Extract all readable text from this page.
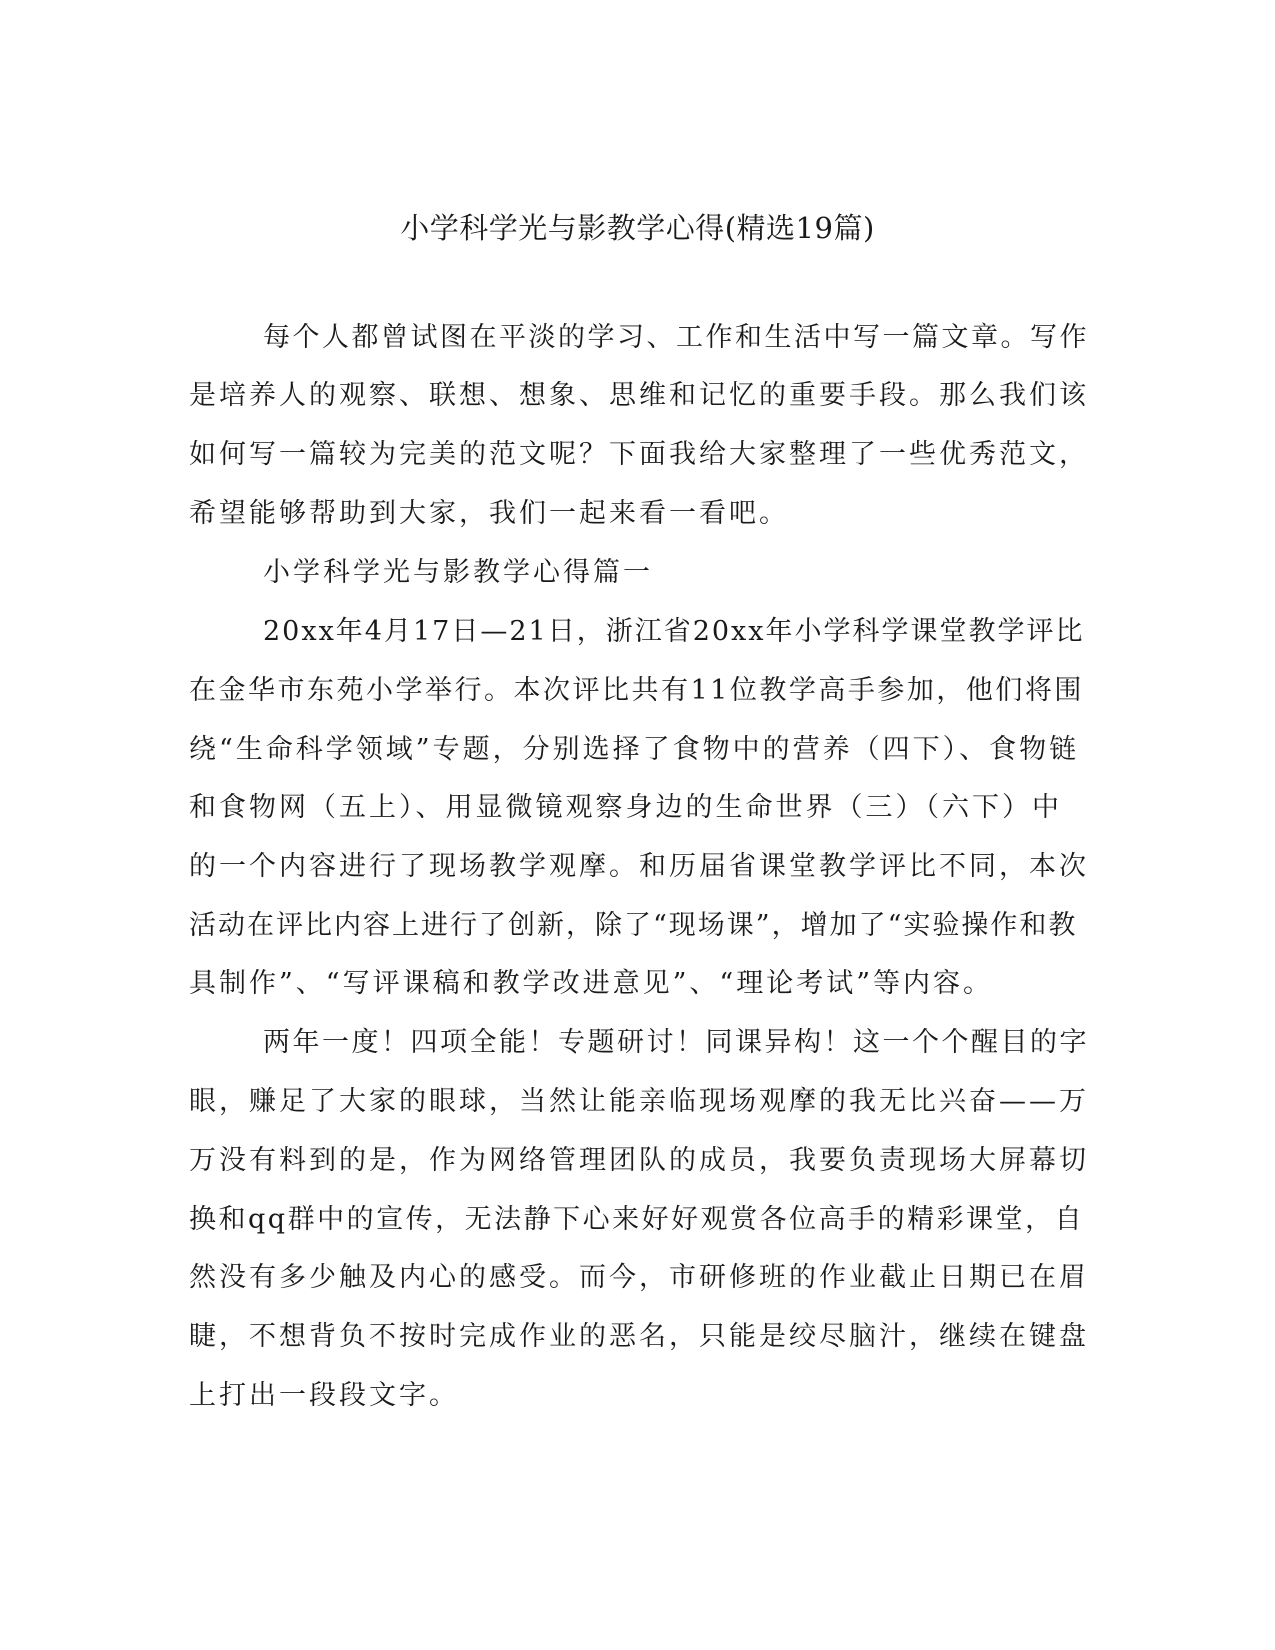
小学科学光与影教学心得(精选19篇)
每个人都曾试图在平淡的学习、工作和生活中写一篇文章。写作
是培养人的观察、联想、想象、思维和记忆的重要手段。那么我们该
如何写一篇较为完美的范文呢？下面我给大家整理了一些优秀范文，
希望能够帮助到大家，我们一起来看一看吧。
小学科学光与影教学心得篇一
20xx年4月17日—21日，浙江省20xx年小学科学课堂教学评比
在金华市东苑小学举行。本次评比共有11位教学高手参加，他们将围
绕“生命科学领域”专题，分别选择了食物中的营养（四下）、食物链
和食物网（五上）、用显微镜观察身边的生命世界（三）（六下）中
的一个内容进行了现场教学观摩。和历届省课堂教学评比不同，本次
活动在评比内容上进行了创新，除了“现场课”，增加了“实验操作和教
具制作”、“写评课稿和教学改进意见”、“理论考试”等内容。
两年一度！四项全能！专题研讨！同课异构！这一个个醒目的字
眼，赚足了大家的眼球，当然让能亲临现场观摩的我无比兴奋——万
万没有料到的是，作为网络管理团队的成员，我要负责现场大屏幕切
换和qq群中的宣传，无法静下心来好好观赏各位高手的精彩课堂，自
然没有多少触及内心的感受。而今，市研修班的作业截止日期已在眉
睫，不想背负不按时完成作业的恶名，只能是绞尽脑汁，继续在键盘
上打出一段段文字。
